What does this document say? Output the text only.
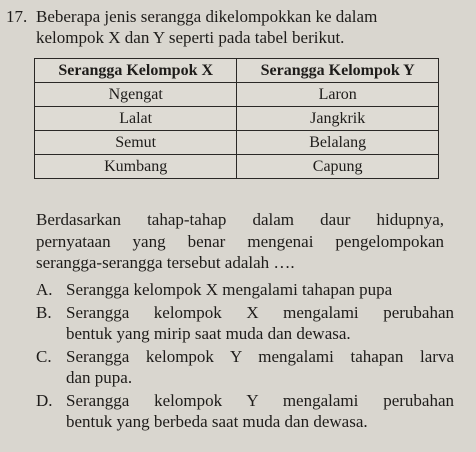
17. Beberapa jenis serangga dikelompokkan ke dalam
kelompok X dan Y seperti pada tabel berikut.
Serangga Kelompok X	Serangga Kelompok Y
Ngengat	Laron
Lalat	Jangkrik
Semut	Belalang
Kumbang	Capung
Berdasarkan tahap-tahap dalam daur hidupnya,
pernyataan yang benar mengenai pengelompokan
serangga-serangga tersebut adalah ….
A. Serangga kelompok X mengalami tahapan pupa
B. Serangga kelompok X mengalami perubahan
bentuk yang mirip saat muda dan dewasa.
C. Serangga kelompok Y mengalami tahapan larva
dan pupa.
D. Serangga kelompok Y mengalami perubahan
bentuk yang berbeda saat muda dan dewasa.
